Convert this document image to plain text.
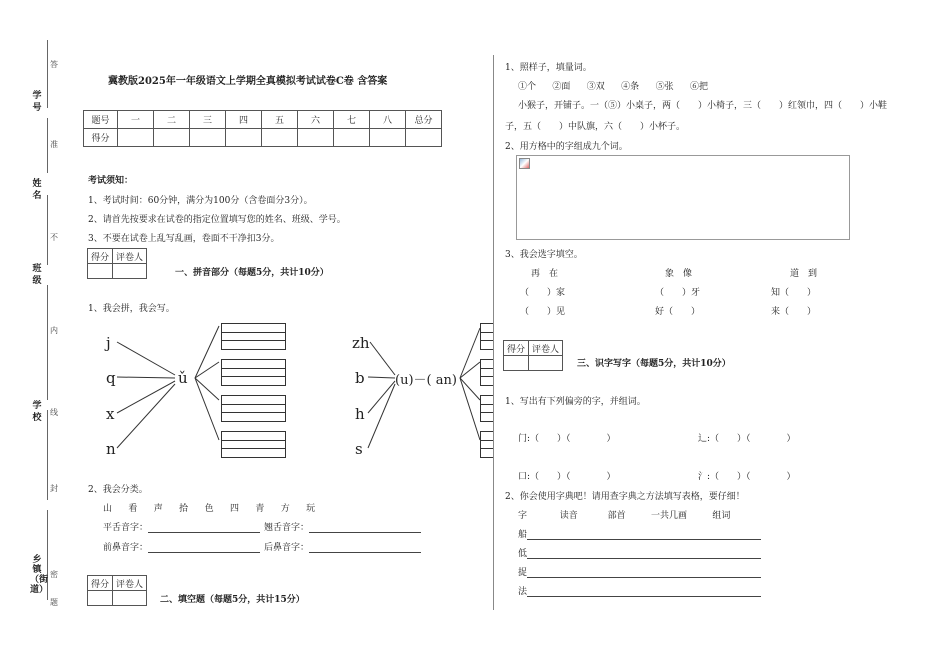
学号
姓名
班级
学校
乡镇（街道）
答
准
不
内
线
封
密
题
冀教版2025年一年级语文上学期全真模拟考试试卷C卷 含答案
题号	一	二	三	四	五	六	七	八	总分
得分									
考试须知：
1、考试时间：60分钟，满分为100分（含卷面分3分）。
2、请首先按要求在试卷的指定位置填写您的姓名、班级、学号。
3、不要在试卷上乱写乱画，卷面不干净扣3分。
得分	评卷人

一、拼音部分（每题5分，共计10分）
1、我会拼，我会写。
j
q
x
n
ǔ
zh
b
h
s
(u)－( an)
2、我会分类。
山   看   声   拾   色   四   青   方   玩
平舌音字：	翘舌音字：
前鼻音字：	后鼻音字：
得分	评卷人

二、填空题（每题5分，共计15分）
1、照样子，填量词。
①个   ②面   ③双   ④条   ⑤张   ⑥把
小猴子，开铺子。一（⑤）小桌子，两（　　）小椅子，三（　　）红领巾，四（　　）小鞋
子，五（　　）中队旗，六（　　）小杯子。
2、用方格中的字组成九个词。
3、我会选字填空。
再　在	象　像	道　到
（　　）家	（　　）牙	知（　　）
（　　）见	好（　　）	来（　　）
得分	评卷人

三、识字写字（每题5分，共计10分）
1、写出有下列偏旁的字，并组词。
门:（　　）（　　　　）	辶:（　　）（　　　　）
口:（　　）（　　　　）	氵:（　　）（　　　　）
2、你会使用字典吧！请用查字典之方法填写表格，要仔细！
字   	读音   	部首   	一共几画   	组词
船
低
捉
法
